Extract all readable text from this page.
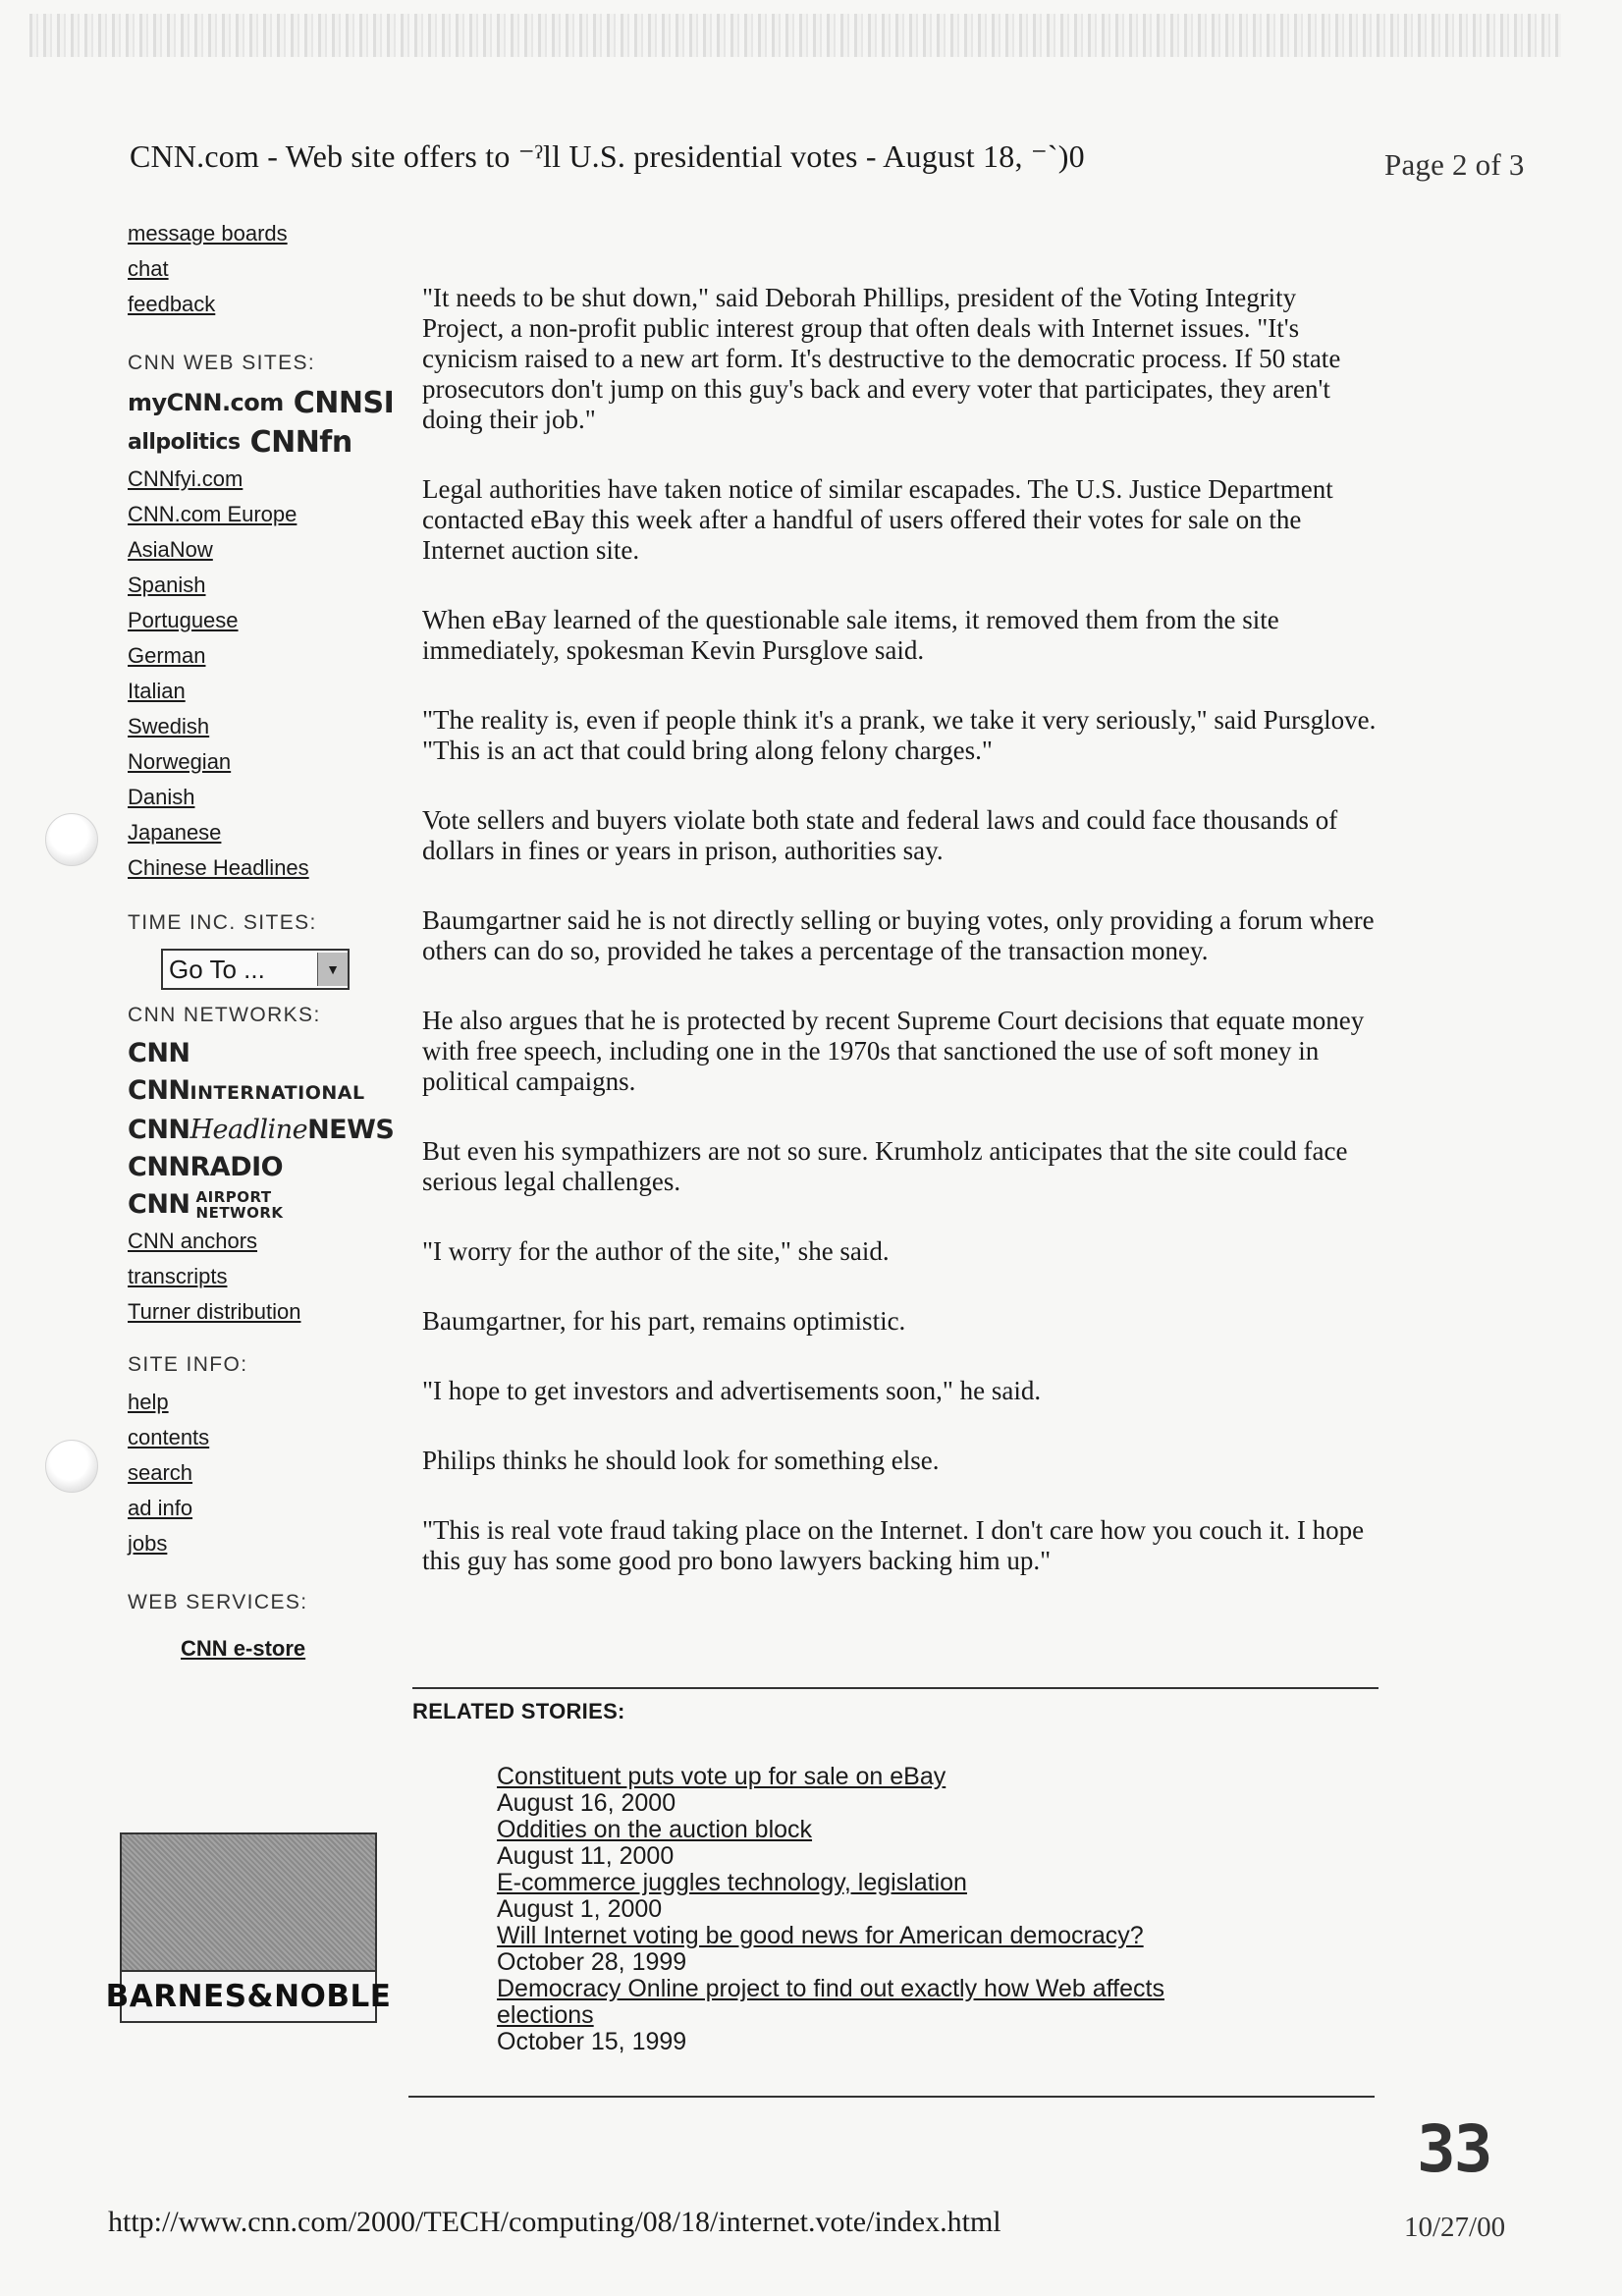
CNN.com - Web site offers to ⁻ˀll U.S. presidential votes - August 18, ⁻`)0	Page 2 of 3
message boards
chat
feedback
CNN WEB SITES:
myCNN.com CNNSI
allpolitics CNNfn
CNNfyi.com
CNN.com Europe
AsiaNow
Spanish
Portuguese
German
Italian
Swedish
Norwegian
Danish
Japanese
Chinese Headlines
TIME INC. SITES:
Go To ...	▼
CNN NETWORKS:
CNN
CNNINTERNATIONAL
CNNHeadlineNEWS
CNNRADIO
CNN AIRPORT
NETWORK
CNN anchors
transcripts
Turner distribution
SITE INFO:
help
contents
search
ad info
jobs
WEB SERVICES:
CNN e-store
BARNES&NOBLE

"It needs to be shut down," said Deborah Phillips, president of the Voting Integrity Project, a non-profit public interest group that often deals with Internet issues. "It's cynicism raised to a new art form. It's destructive to the democratic process. If 50 state prosecutors don't jump on this guy's back and every voter that participates, they aren't doing their job."

Legal authorities have taken notice of similar escapades. The U.S. Justice Department contacted eBay this week after a handful of users offered their votes for sale on the Internet auction site.

When eBay learned of the questionable sale items, it removed them from the site immediately, spokesman Kevin Pursglove said.

"The reality is, even if people think it's a prank, we take it very seriously," said Pursglove. "This is an act that could bring along felony charges."

Vote sellers and buyers violate both state and federal laws and could face thousands of dollars in fines or years in prison, authorities say.

Baumgartner said he is not directly selling or buying votes, only providing a forum where others can do so, provided he takes a percentage of the transaction money.

He also argues that he is protected by recent Supreme Court decisions that equate money with free speech, including one in the 1970s that sanctioned the use of soft money in political campaigns.

But even his sympathizers are not so sure. Krumholz anticipates that the site could face serious legal challenges.

"I worry for the author of the site," she said.

Baumgartner, for his part, remains optimistic.

"I hope to get investors and advertisements soon," he said.

Philips thinks he should look for something else.

"This is real vote fraud taking place on the Internet. I don't care how you couch it. I hope this guy has some good pro bono lawyers backing him up."

RELATED STORIES:
Constituent puts vote up for sale on eBay
August 16, 2000
Oddities on the auction block
August 11, 2000
E-commerce juggles technology, legislation
August 1, 2000
Will Internet voting be good news for American democracy?
October 28, 1999
Democracy Online project to find out exactly how Web affects elections
October 15, 1999
33
http://www.cnn.com/2000/TECH/computing/08/18/internet.vote/index.html	10/27/00
